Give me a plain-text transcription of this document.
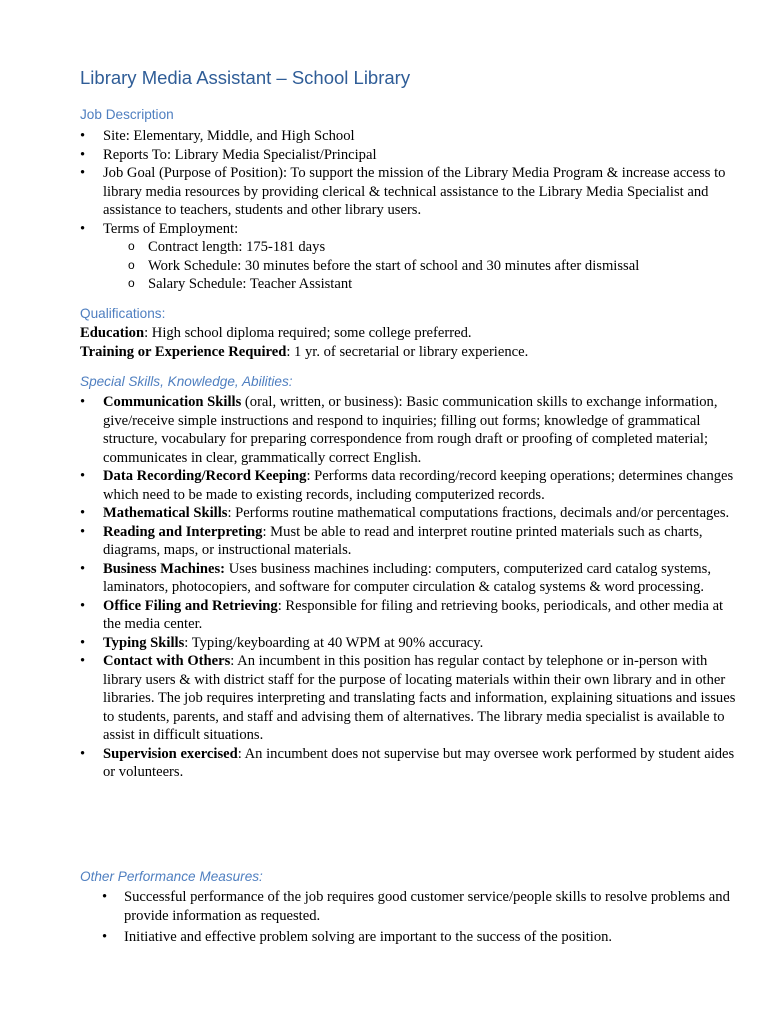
Library Media Assistant – School Library
Job Description
• Site: Elementary, Middle, and High School
• Reports To: Library Media Specialist/Principal
• Job Goal (Purpose of Position): To support the mission of the Library Media Program & increase access to library media resources by providing clerical & technical assistance to the Library Media Specialist and assistance to teachers, students and other library users.
• Terms of Employment:
o Contract length: 175-181 days
o Work Schedule: 30 minutes before the start of school and 30 minutes after dismissal
o Salary Schedule: Teacher Assistant
Qualifications:

Education: High school diploma required; some college preferred.

Training or Experience Required: 1 yr. of secretarial or library experience.

Special Skills, Knowledge, Abilities:
• Communication Skills (oral, written, or business): Basic communication skills to exchange information, give/receive simple instructions and respond to inquiries; filling out forms; knowledge of grammatical structure, vocabulary for preparing correspondence from rough draft or proofing of completed material; communicates in clear, grammatically correct English.
• Data Recording/Record Keeping: Performs data recording/record keeping operations; determines changes which need to be made to existing records, including computerized records.
• Mathematical Skills: Performs routine mathematical computations fractions, decimals and/or percentages.
• Reading and Interpreting: Must be able to read and interpret routine printed materials such as charts, diagrams, maps, or instructional materials.
• Business Machines: Uses business machines including: computers, computerized card catalog systems, laminators, photocopiers, and software for computer circulation & catalog systems & word processing.
• Office Filing and Retrieving: Responsible for filing and retrieving books, periodicals, and other media at the media center.
• Typing Skills: Typing/keyboarding at 40 WPM at 90% accuracy.
• Contact with Others: An incumbent in this position has regular contact by telephone or in-person with library users & with district staff for the purpose of locating materials within their own library and in other libraries. The job requires interpreting and translating facts and information, explaining situations and issues to students, parents, and staff and advising them of alternatives. The library media specialist is available to assist in difficult situations.
• Supervision exercised: An incumbent does not supervise but may oversee work performed by student aides or volunteers.
Other Performance Measures:
• Successful performance of the job requires good customer service/people skills to resolve problems and provide information as requested.
• Initiative and effective problem solving are important to the success of the position.
